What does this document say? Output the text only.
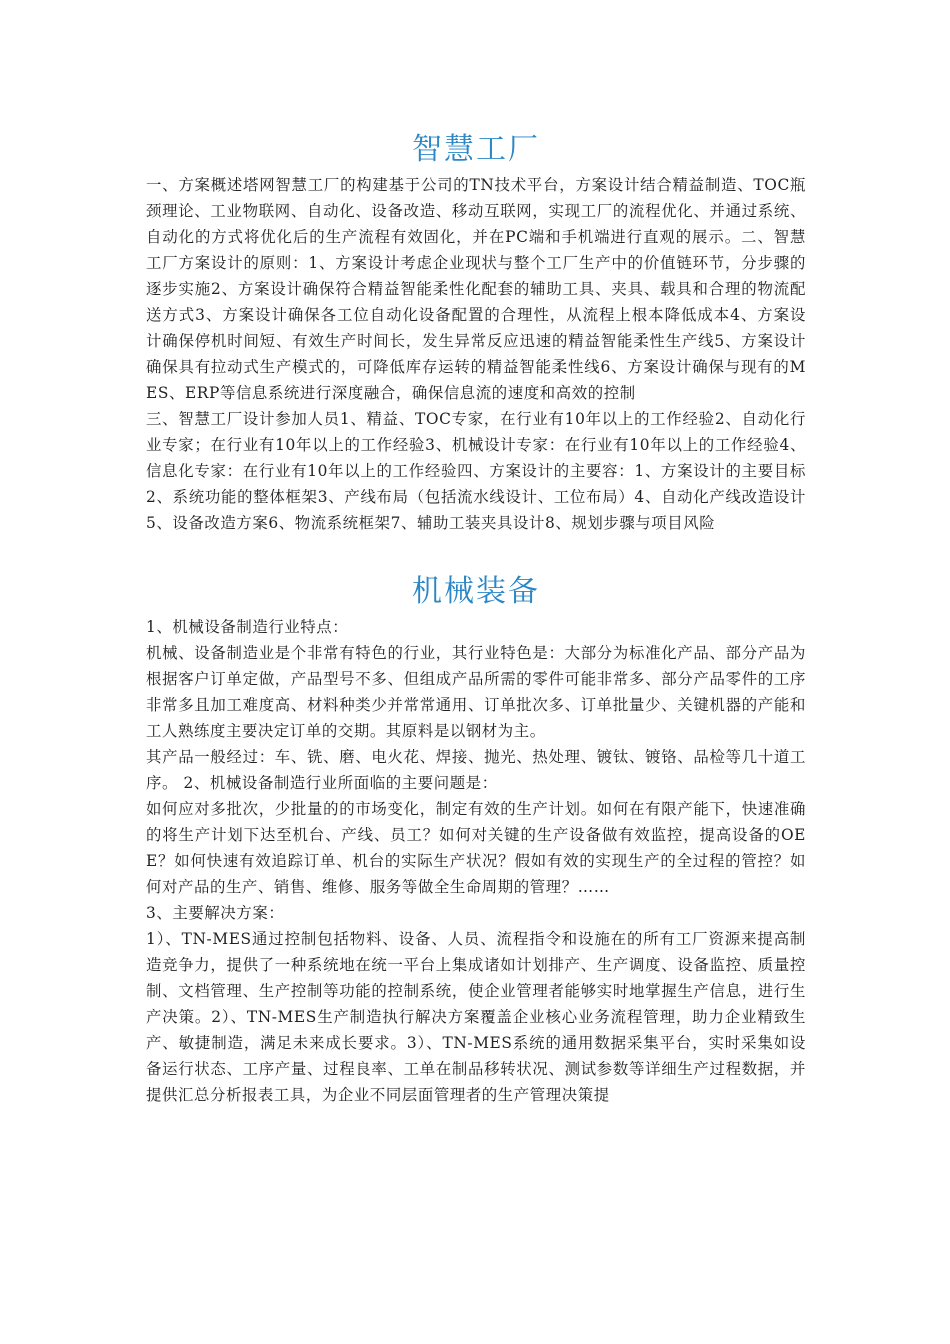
智慧工厂

一、方案概述塔网智慧工厂的构建基于公司的TN技术平台，方案设计结合精益制造、TOC瓶颈理论、工业物联网、自动化、设备改造、移动互联网，实现工厂的流程优化、并通过系统、自动化的方式将优化后的生产流程有效固化，并在PC端和手机端进行直观的展示。二、智慧工厂方案设计的原则：1、方案设计考虑企业现状与整个工厂生产中的价值链环节，分步骤的逐步实施2、方案设计确保符合精益智能柔性化配套的辅助工具、夹具、载具和合理的物流配送方式3、方案设计确保各工位自动化设备配置的合理性，从流程上根本降低成本4、方案设计确保停机时间短、有效生产时间长，发生异常反应迅速的精益智能柔性生产线5、方案设计确保具有拉动式生产模式的，可降低库存运转的精益智能柔性线6、方案设计确保与现有的MES、ERP等信息系统进行深度融合，确保信息流的速度和高效的控制

三、智慧工厂设计参加人员1、精益、TOC专家，在行业有10年以上的工作经验2、自动化行业专家；在行业有10年以上的工作经验3、机械设计专家：在行业有10年以上的工作经验4、信息化专家：在行业有10年以上的工作经验四、方案设计的主要容：1、方案设计的主要目标2、系统功能的整体框架3、产线布局（包括流水线设计、工位布局）4、自动化产线改造设计5、设备改造方案6、物流系统框架7、辅助工装夹具设计8、规划步骤与项目风险

机械装备

1、机械设备制造行业特点：

机械、设备制造业是个非常有特色的行业，其行业特色是：大部分为标准化产品、部分产品为根据客户订单定做，产品型号不多、但组成产品所需的零件可能非常多、部分产品零件的工序非常多且加工难度高、材料种类少并常常通用、订单批次多、订单批量少、关键机器的产能和工人熟练度主要决定订单的交期。其原料是以钢材为主。

其产品一般经过：车、铣、磨、电火花、焊接、抛光、热处理、镀钛、镀铬、品检等几十道工序。 2、机械设备制造行业所面临的主要问题是：

如何应对多批次，少批量的的市场变化，制定有效的生产计划。如何在有限产能下，快速准确的将生产计划下达至机台、产线、员工？如何对关键的生产设备做有效监控，提高设备的OEE？如何快速有效追踪订单、机台的实际生产状况？假如有效的实现生产的全过程的管控？如何对产品的生产、销售、维修、服务等做全生命周期的管理？……

3、主要解决方案：

1）、TN-MES通过控制包括物料、设备、人员、流程指令和设施在的所有工厂资源来提高制造竞争力，提供了一种系统地在统一平台上集成诸如计划排产、生产调度、设备监控、质量控制、文档管理、生产控制等功能的控制系统，使企业管理者能够实时地掌握生产信息，进行生产决策。2）、TN-MES生产制造执行解决方案覆盖企业核心业务流程管理，助力企业精致生产、敏捷制造，满足未来成长要求。3）、TN-MES系统的通用数据采集平台，实时采集如设备运行状态、工序产量、过程良率、工单在制品移转状况、测试参数等详细生产过程数据，并提供汇总分析报表工具，为企业不同层面管理者的生产管理决策提
